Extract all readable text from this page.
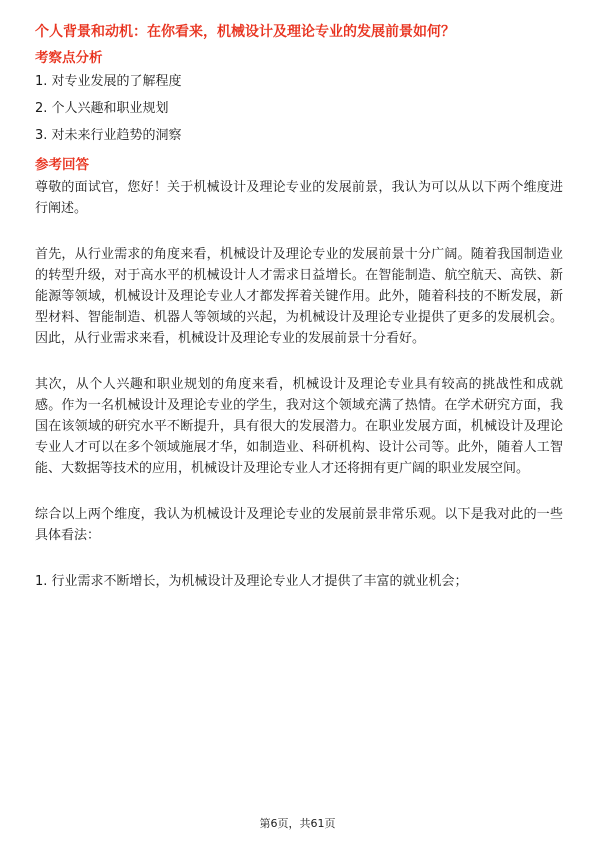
个人背景和动机：在你看来，机械设计及理论专业的发展前景如何？
考察点分析
1. 对专业发展的了解程度
2. 个人兴趣和职业规划
3. 对未来行业趋势的洞察
参考回答

尊敬的面试官，您好！关于机械设计及理论专业的发展前景，我认为可以从以下两个维度进行阐述。

首先，从行业需求的角度来看，机械设计及理论专业的发展前景十分广阔。随着我国制造业的转型升级，对于高水平的机械设计人才需求日益增长。在智能制造、航空航天、高铁、新能源等领域，机械设计及理论专业人才都发挥着关键作用。此外，随着科技的不断发展，新型材料、智能制造、机器人等领域的兴起，为机械设计及理论专业提供了更多的发展机会。因此，从行业需求来看，机械设计及理论专业的发展前景十分看好。

其次，从个人兴趣和职业规划的角度来看，机械设计及理论专业具有较高的挑战性和成就感。作为一名机械设计及理论专业的学生，我对这个领域充满了热情。在学术研究方面，我国在该领域的研究水平不断提升，具有很大的发展潜力。在职业发展方面，机械设计及理论专业人才可以在多个领域施展才华，如制造业、科研机构、设计公司等。此外，随着人工智能、大数据等技术的应用，机械设计及理论专业人才还将拥有更广阔的职业发展空间。

综合以上两个维度，我认为机械设计及理论专业的发展前景非常乐观。以下是我对此的一些具体看法：

1. 行业需求不断增长，为机械设计及理论专业人才提供了丰富的就业机会；

第6页，共61页
